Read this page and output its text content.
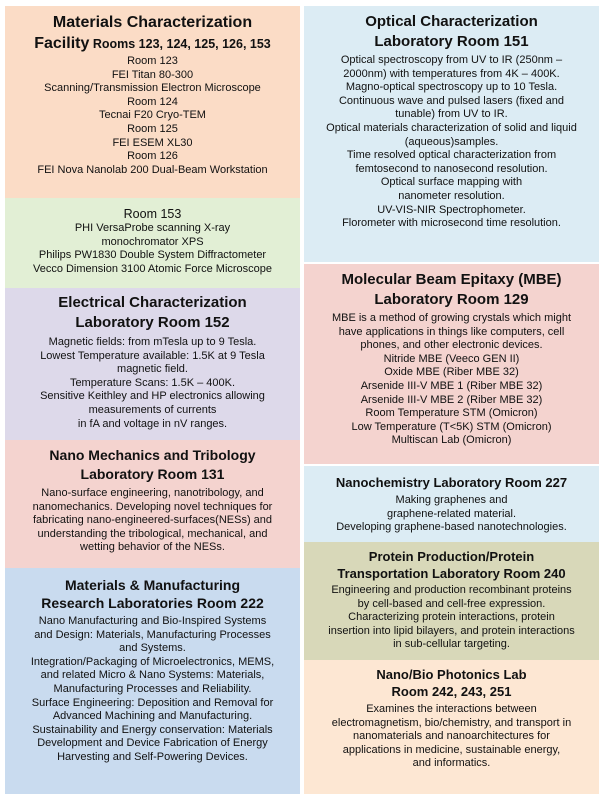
Materials Characterization
Facility Rooms 123, 124, 125, 126, 153
Room 123
FEI Titan 80-300
Scanning/Transmission Electron Microscope
Room 124
Tecnai F20 Cryo-TEM
Room 125
FEI ESEM XL30
Room 126
FEI Nova Nanolab 200 Dual-Beam Workstation
Room 153
PHI VersaProbe scanning X-ray
monochromator XPS
Philips PW1830 Double System Diffractometer
Vecco Dimension 3100 Atomic Force Microscope
Electrical Characterization
Laboratory Room 152
Magnetic fields: from mTesla up to 9 Tesla.
Lowest Temperature available: 1.5K at 9 Tesla
magnetic field.
Temperature Scans: 1.5K – 400K.
Sensitive Keithley and HP electronics allowing
measurements of currents
in fA and voltage in nV ranges.
Nano Mechanics and Tribology
Laboratory Room 131
Nano-surface engineering, nanotribology, and
nanomechanics. Developing novel techniques for
fabricating nano-engineered-surfaces(NESs) and
understanding the tribological, mechanical, and
wetting behavior of the NESs.
Materials & Manufacturing
Research Laboratories Room 222
Nano Manufacturing and Bio-Inspired Systems
and Design: Materials, Manufacturing Processes
and Systems.
Integration/Packaging of Microelectronics, MEMS,
and related Micro & Nano Systems: Materials,
Manufacturing Processes and Reliability.
Surface Engineering: Deposition and Removal for
Advanced Machining and Manufacturing.
Sustainability and Energy conservation: Materials
Development and Device Fabrication of Energy
Harvesting and Self-Powering Devices.
Optical Characterization
Laboratory Room 151
Optical spectroscopy from UV to IR (250nm –
2000nm) with temperatures from 4K – 400K.
Magno-optical spectroscopy up to 10 Tesla.
Continuous wave and pulsed lasers (fixed and
tunable) from UV to IR.
Optical materials characterization of solid and liquid
(aqueous)samples.
Time resolved optical characterization from
femtosecond to nanosecond resolution.
Optical surface mapping with
nanometer resolution.
UV-VIS-NIR Spectrophometer.
Florometer with microsecond time resolution.
Molecular Beam Epitaxy (MBE)
Laboratory Room 129
MBE is a method of growing crystals which might
have applications in things like computers, cell
phones, and other electronic devices.
Nitride MBE (Veeco GEN II)
Oxide MBE (Riber MBE 32)
Arsenide III-V MBE 1 (Riber MBE 32)
Arsenide III-V MBE 2 (Riber MBE 32)
Room Temperature STM (Omicron)
Low Temperature (T<5K) STM (Omicron)
Multiscan Lab (Omicron)
Nanochemistry Laboratory Room 227
Making graphenes and
graphene-related material.
Developing graphene-based nanotechnologies.
Protein Production/Protein
Transportation Laboratory Room 240
Engineering and production recombinant proteins
by cell-based and cell-free expression.
Characterizing protein interactions, protein
insertion into lipid bilayers, and protein interactions
in sub-cellular targeting.
Nano/Bio Photonics Lab
Room 242, 243, 251
Examines the interactions between
electromagnetism, bio/chemistry, and transport in
nanomaterials and nanoarchitectures for
applications in medicine, sustainable energy,
and informatics.
